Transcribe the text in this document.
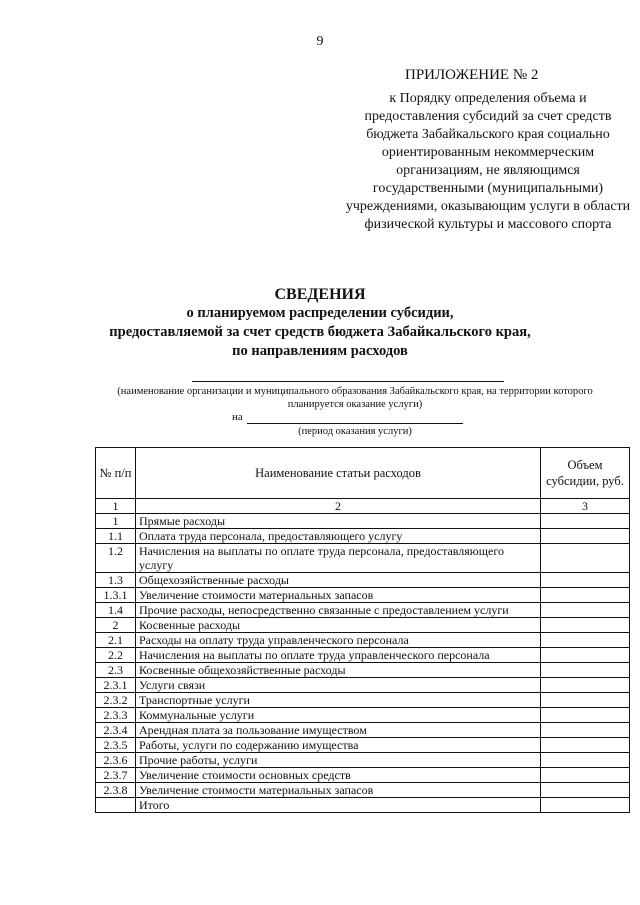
9
ПРИЛОЖЕНИЕ № 2
к Порядку определения объема и предоставления субсидий за счет средств бюджета Забайкальского края социально ориентированным некоммерческим организациям, не являющимся государственными (муниципальными) учреждениями, оказывающим услуги в области физической культуры и массового спорта
СВЕДЕНИЯ
о планируемом распределении субсидии,
предоставляемой за счет средств бюджета Забайкальского края,
по направлениям расходов
(наименование организации и муниципального образования Забайкальского края, на территории которого планируется оказание услуги)
на
(период оказания услуги)
№ п/п	Наименование статьи расходов	Объем субсидии, руб.
1	2	3
1	Прямые расходы	
1.1	Оплата труда персонала, предоставляющего услугу	
1.2	Начисления на выплаты по оплате труда персонала, предоставляющего услугу	
1.3	Общехозяйственные расходы	
1.3.1	Увеличение стоимости материальных запасов	
1.4	Прочие расходы, непосредственно связанные с предоставлением услуги	
2	Косвенные расходы	
2.1	Расходы на оплату труда управленческого персонала	
2.2	Начисления на выплаты по оплате труда управленческого персонала	
2.3	Косвенные общехозяйственные расходы	
2.3.1	Услуги связи	
2.3.2	Транспортные услуги	
2.3.3	Коммунальные услуги	
2.3.4	Арендная плата за пользование имуществом	
2.3.5	Работы, услуги по содержанию имущества	
2.3.6	Прочие работы, услуги	
2.3.7	Увеличение стоимости основных средств	
2.3.8	Увеличение стоимости материальных запасов	
	Итого	
